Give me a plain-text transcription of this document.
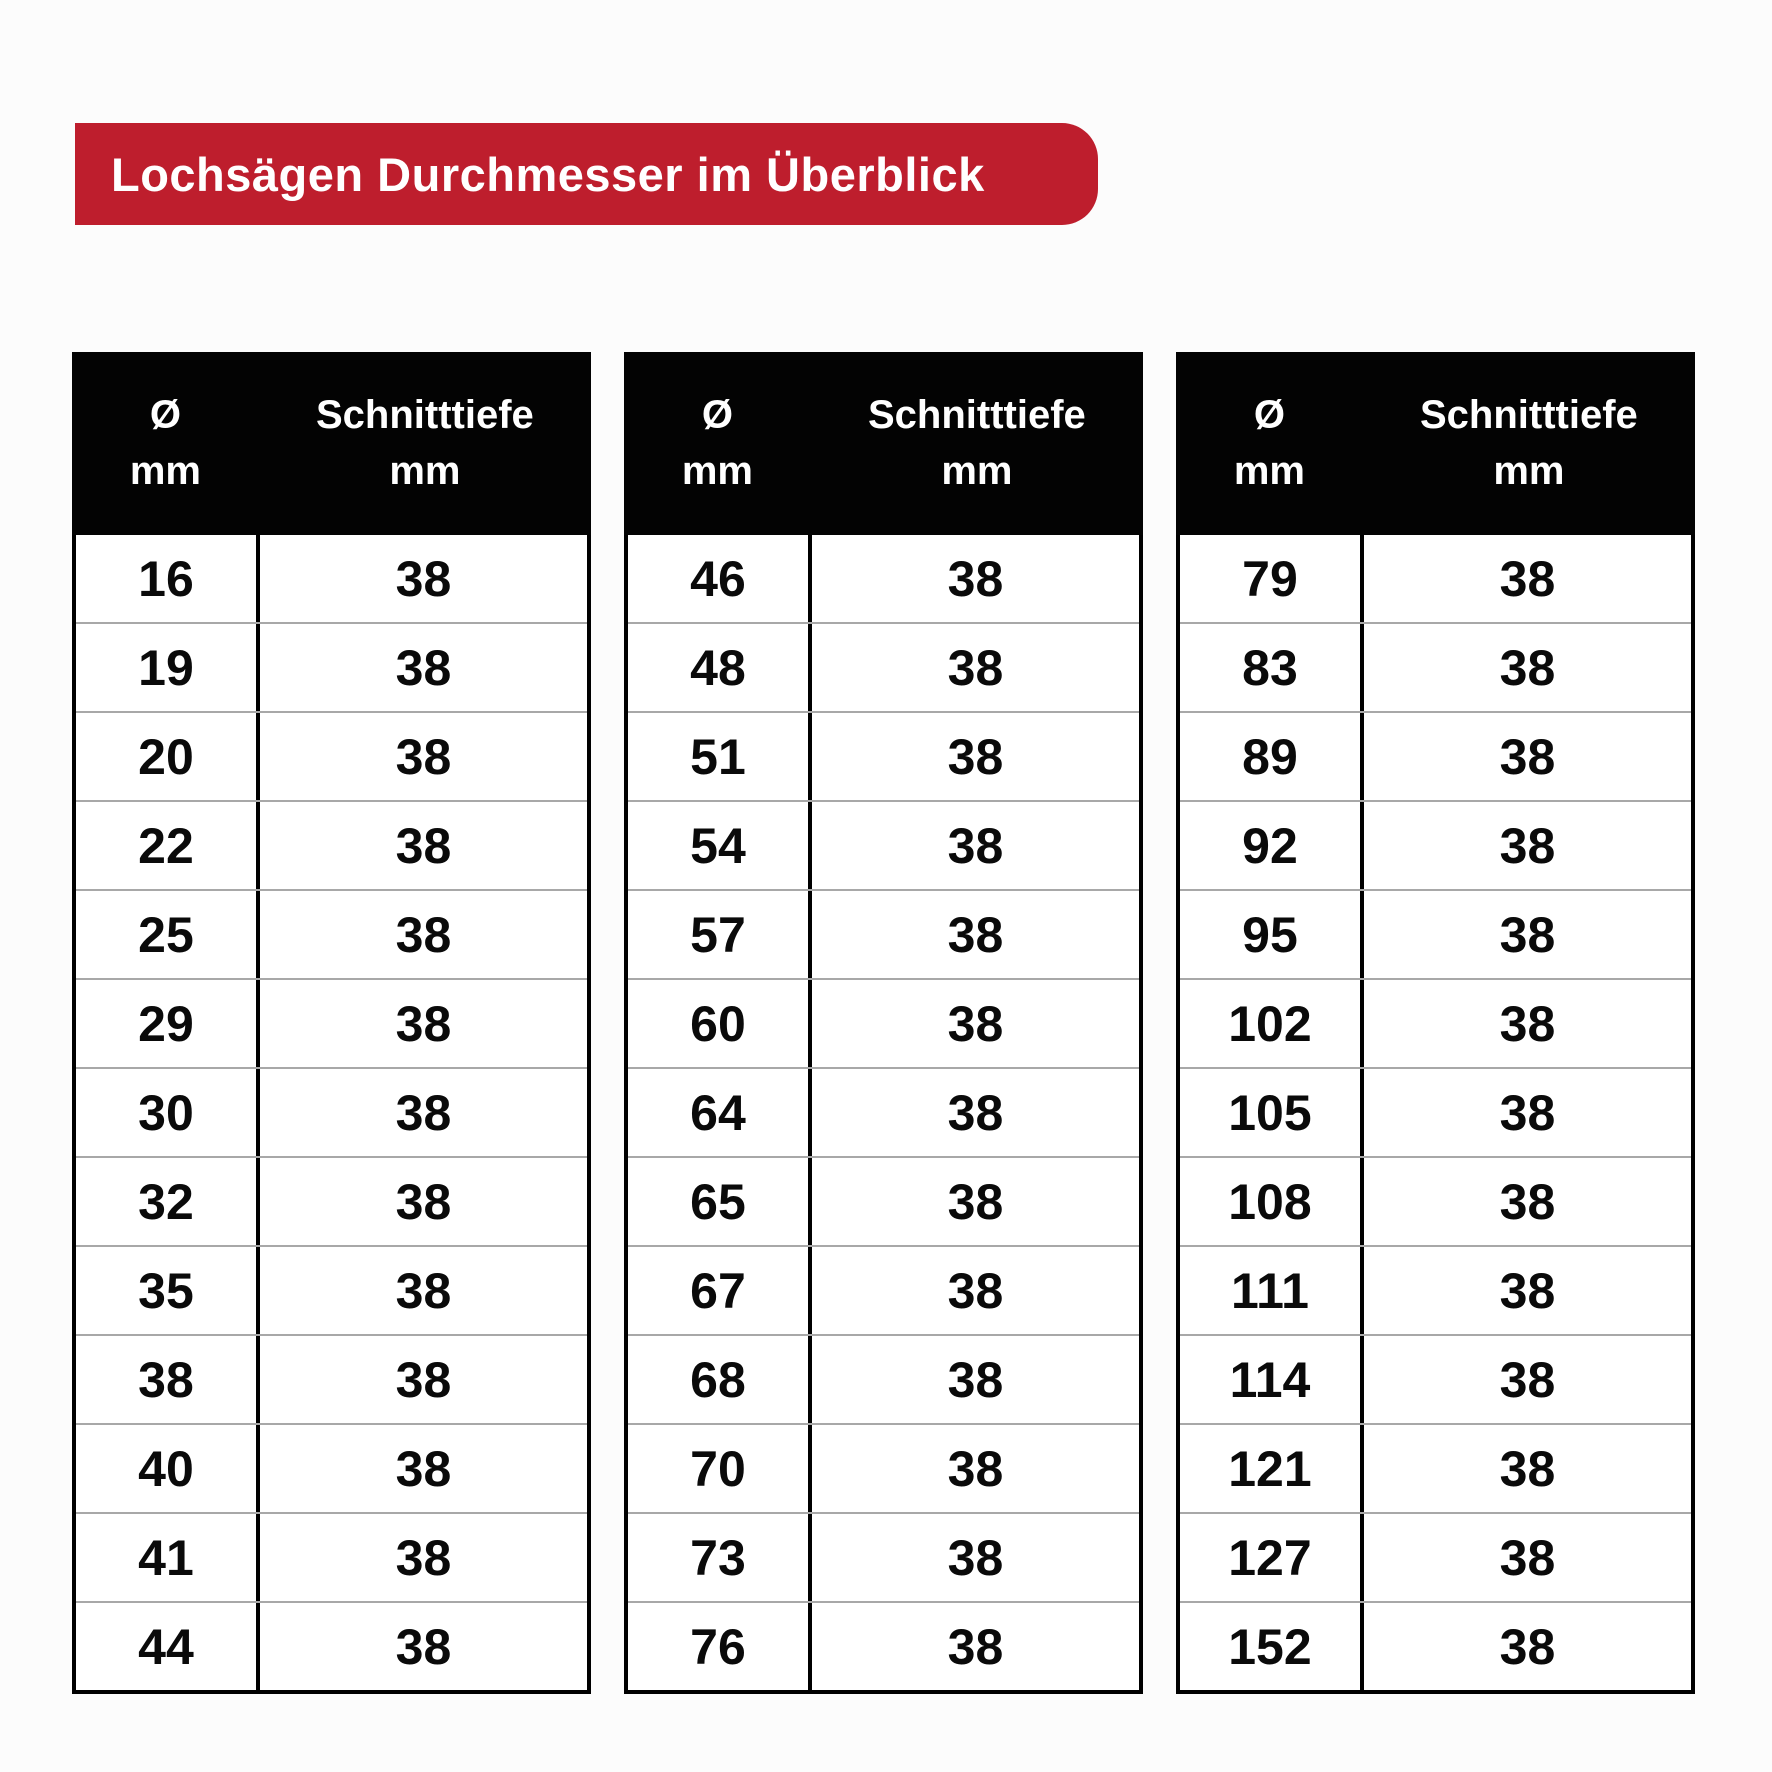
Lochsägen Durchmesser im Überblick
Ø
mm
Schnitttiefe
mm
16	38
19	38
20	38
22	38
25	38
29	38
30	38
32	38
35	38
38	38
40	38
41	38
44	38
Ø
mm
Schnitttiefe
mm
46	38
48	38
51	38
54	38
57	38
60	38
64	38
65	38
67	38
68	38
70	38
73	38
76	38
Ø
mm
Schnitttiefe
mm
79	38
83	38
89	38
92	38
95	38
102	38
105	38
108	38
111	38
114	38
121	38
127	38
152	38
